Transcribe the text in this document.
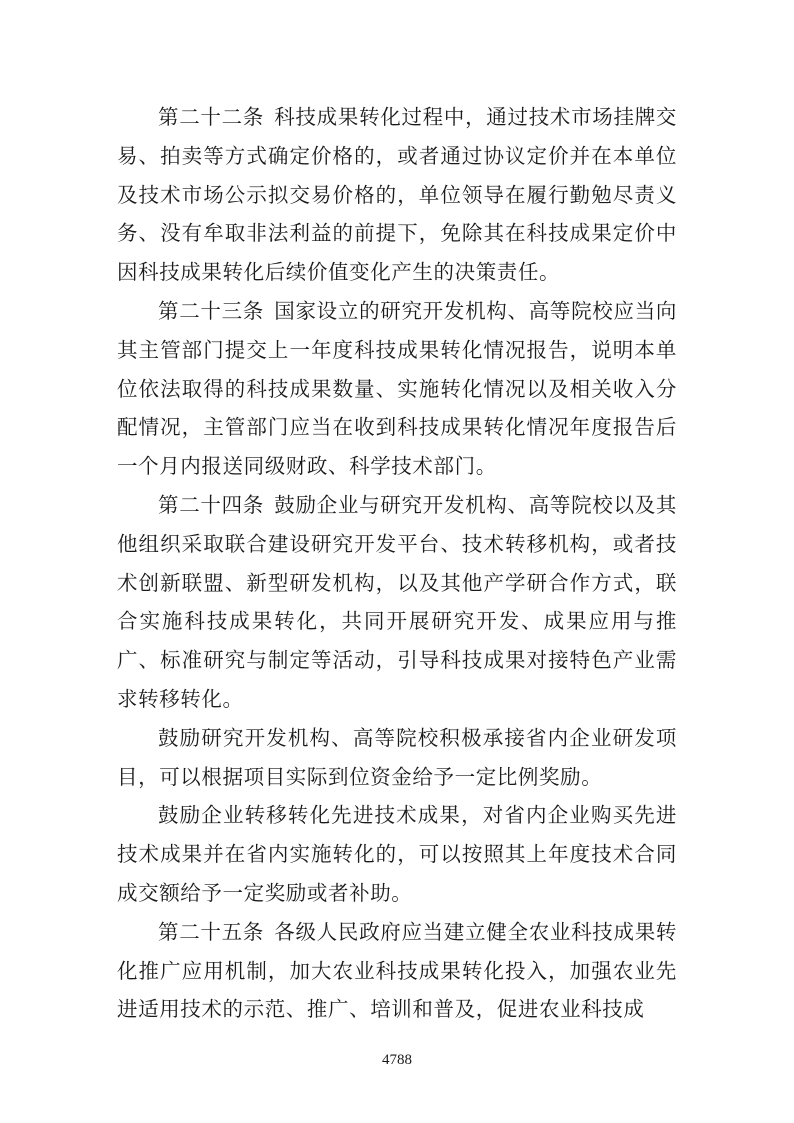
第二十二条 科技成果转化过程中，通过技术市场挂牌交易、拍卖等方式确定价格的，或者通过协议定价并在本单位及技术市场公示拟交易价格的，单位领导在履行勤勉尽责义务、没有牟取非法利益的前提下，免除其在科技成果定价中因科技成果转化后续价值变化产生的决策责任。

第二十三条 国家设立的研究开发机构、高等院校应当向其主管部门提交上一年度科技成果转化情况报告，说明本单位依法取得的科技成果数量、实施转化情况以及相关收入分配情况，主管部门应当在收到科技成果转化情况年度报告后一个月内报送同级财政、科学技术部门。

第二十四条 鼓励企业与研究开发机构、高等院校以及其他组织采取联合建设研究开发平台、技术转移机构，或者技术创新联盟、新型研发机构，以及其他产学研合作方式，联合实施科技成果转化，共同开展研究开发、成果应用与推广、标准研究与制定等活动，引导科技成果对接特色产业需求转移转化。

鼓励研究开发机构、高等院校积极承接省内企业研发项目，可以根据项目实际到位资金给予一定比例奖励。

鼓励企业转移转化先进技术成果，对省内企业购买先进技术成果并在省内实施转化的，可以按照其上年度技术合同成交额给予一定奖励或者补助。

第二十五条 各级人民政府应当建立健全农业科技成果转化推广应用机制，加大农业科技成果转化投入，加强农业先进适用技术的示范、推广、培训和普及，促进农业科技成

4788
